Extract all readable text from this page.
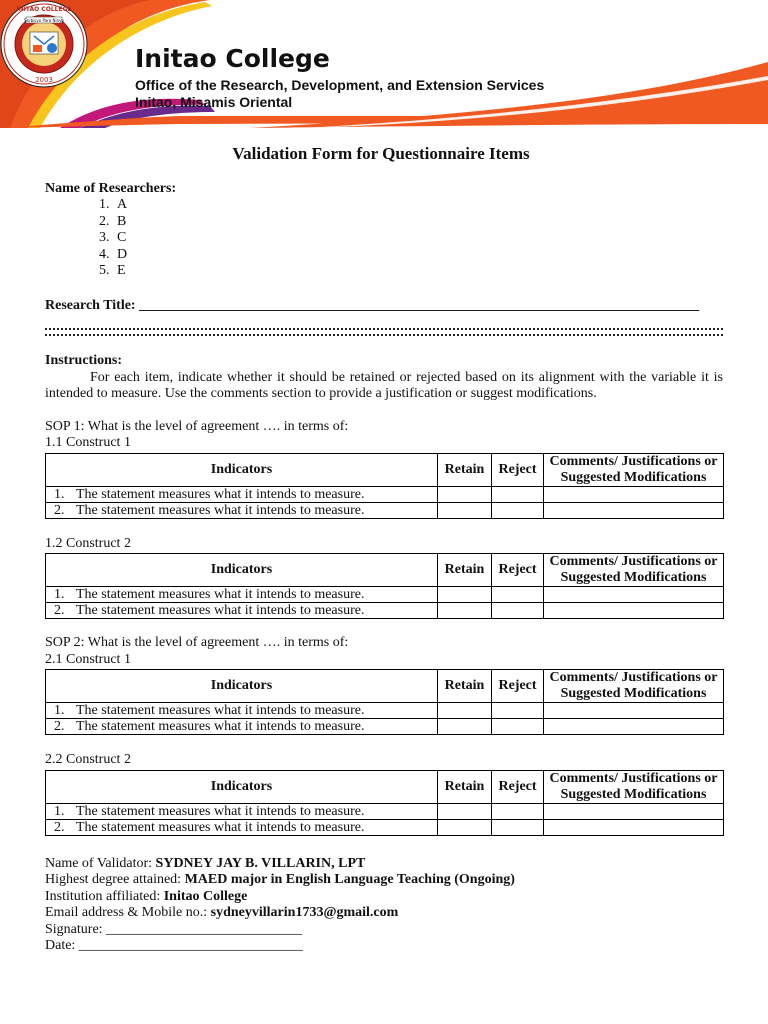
INITAO COLLEGE
Serbisyo Para Ninyo
2003
Initao College
Office of the Research, Development, and Extension Services
Initao, Misamis Oriental
Validation Form for Questionnaire Items
Name of Researchers:
1. A
2. B
3. C
4. D
5. E
Research Title: ________________________________________________________________________________
Instructions:
For each item, indicate whether it should be retained or rejected based on its alignment with the variable it is intended to measure. Use the comments section to provide a justification or suggest modifications.
SOP 1: What is the level of agreement …. in terms of:
1.1 Construct 1
Indicators	Retain	Reject	Comments/ Justifications or Suggested Modifications
1. The statement measures what it intends to measure.			
2. The statement measures what it intends to measure.			
1.2 Construct 2
Indicators	Retain	Reject	Comments/ Justifications or Suggested Modifications
1. The statement measures what it intends to measure.			
2. The statement measures what it intends to measure.			
SOP 2: What is the level of agreement …. in terms of:
2.1 Construct 1
Indicators	Retain	Reject	Comments/ Justifications or Suggested Modifications
1. The statement measures what it intends to measure.			
2. The statement measures what it intends to measure.			
2.2 Construct 2
Indicators	Retain	Reject	Comments/ Justifications or Suggested Modifications
1. The statement measures what it intends to measure.			
2. The statement measures what it intends to measure.			
Name of Validator: SYDNEY JAY B. VILLARIN, LPT
Highest degree attained: MAED major in English Language Teaching (Ongoing)
Institution affiliated: Initao College
Email address & Mobile no.: sydneyvillarin1733@gmail.com
Signature: ____________________________
Date: ________________________________
